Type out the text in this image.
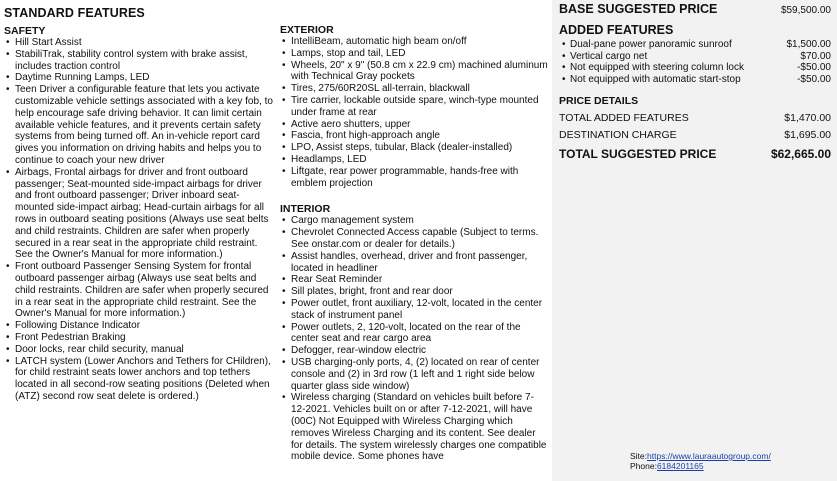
STANDARD FEATURES
SAFETY
• Hill Start Assist
• StabiliTrak, stability control system with brake assist, includes traction control
• Daytime Running Lamps, LED
• Teen Driver a configurable feature that lets you activate customizable vehicle settings associated with a key fob, to help encourage safe driving behavior. It can limit certain available vehicle features, and it prevents certain safety systems from being turned off. An in-vehicle report card gives you information on driving habits and helps you to continue to coach your new driver
• Airbags, Frontal airbags for driver and front outboard passenger; Seat-mounted side-impact airbags for driver and front outboard passenger; Driver inboard seat-mounted side-impact airbag; Head-curtain airbags for all rows in outboard seating positions (Always use seat belts and child restraints. Children are safer when properly secured in a rear seat in the appropriate child restraint. See the Owner's Manual for more information.)
• Front outboard Passenger Sensing System for frontal outboard passenger airbag (Always use seat belts and child restraints. Children are safer when properly secured in a rear seat in the appropriate child restraint. See the Owner's Manual for more information.)
• Following Distance Indicator
• Front Pedestrian Braking
• Door locks, rear child security, manual
• LATCH system (Lower Anchors and Tethers for CHildren), for child restraint seats lower anchors and top tethers located in all second-row seating positions (Deleted when (ATZ) second row seat delete is ordered.)
EXTERIOR
• IntelliBeam, automatic high beam on/off
• Lamps, stop and tail, LED
• Wheels, 20" x 9" (50.8 cm x 22.9 cm) machined aluminum with Technical Gray pockets
• Tires, 275/60R20SL all-terrain, blackwall
• Tire carrier, lockable outside spare, winch-type mounted under frame at rear
• Active aero shutters, upper
• Fascia, front high-approach angle
• LPO, Assist steps, tubular, Black (dealer-installed)
• Headlamps, LED
• Liftgate, rear power programmable, hands-free with emblem projection
INTERIOR
• Cargo management system
• Chevrolet Connected Access capable (Subject to terms. See onstar.com or dealer for details.)
• Assist handles, overhead, driver and front passenger, located in headliner
• Rear Seat Reminder
• Sill plates, bright, front and rear door
• Power outlet, front auxiliary, 12-volt, located in the center stack of instrument panel
• Power outlets, 2, 120-volt, located on the rear of the center seat and rear cargo area
• Defogger, rear-window electric
• USB charging-only ports, 4, (2) located on rear of center console and (2) in 3rd row (1 left and 1 right side below quarter glass side window)
• Wireless charging (Standard on vehicles built before 7-12-2021. Vehicles built on or after 7-12-2021, will have (00C) Not Equipped with Wireless Charging which removes Wireless Charging and its content. See dealer for details. The system wirelessly charges one compatible mobile device. Some phones have
BASE SUGGESTED PRICE	$59,500.00
ADDED FEATURES
• Dual-pane power panoramic sunroof	$1,500.00
• Vertical cargo net	$70.00
• Not equipped with steering column lock	-$50.00
• Not equipped with automatic start-stop	-$50.00
PRICE DETAILS
TOTAL ADDED FEATURES	$1,470.00
DESTINATION CHARGE	$1,695.00
TOTAL SUGGESTED PRICE	$62,665.00
Site:https://www.lauraautogroup.com/
Phone:6184201165
